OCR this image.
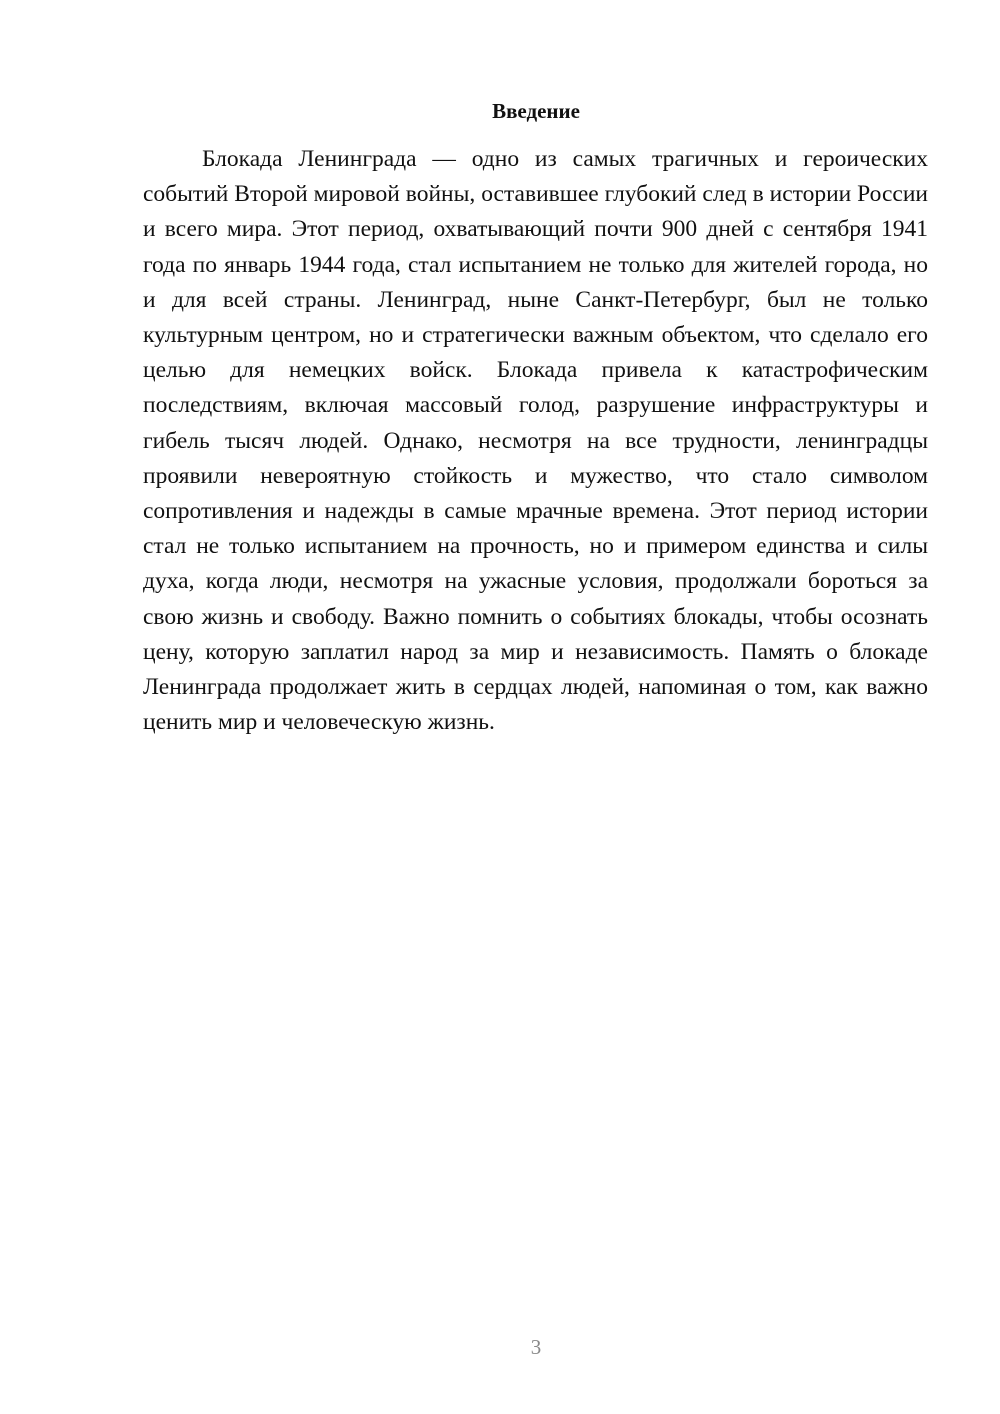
Введение

Блокада Ленинграда — одно из самых трагичных и героических событий Второй мировой войны, оставившее глубокий след в истории России и всего мира. Этот период, охватывающий почти 900 дней с сентября 1941 года по январь 1944 года, стал испытанием не только для жителей города, но и для всей страны. Ленинград, ныне Санкт-Петербург, был не только культурным центром, но и стратегически важным объектом, что сделало его целью для немецких войск. Блокада привела к катастрофическим последствиям, включая массовый голод, разрушение инфраструктуры и гибель тысяч людей. Однако, несмотря на все трудности, ленинградцы проявили невероятную стойкость и мужество, что стало символом сопротивления и надежды в самые мрачные времена. Этот период истории стал не только испытанием на прочность, но и примером единства и силы духа, когда люди, несмотря на ужасные условия, продолжали бороться за свою жизнь и свободу. Важно помнить о событиях блокады, чтобы осознать цену, которую заплатил народ за мир и независимость. Память о блокаде Ленинграда продолжает жить в сердцах людей, напоминая о том, как важно ценить мир и человеческую жизнь.

3
